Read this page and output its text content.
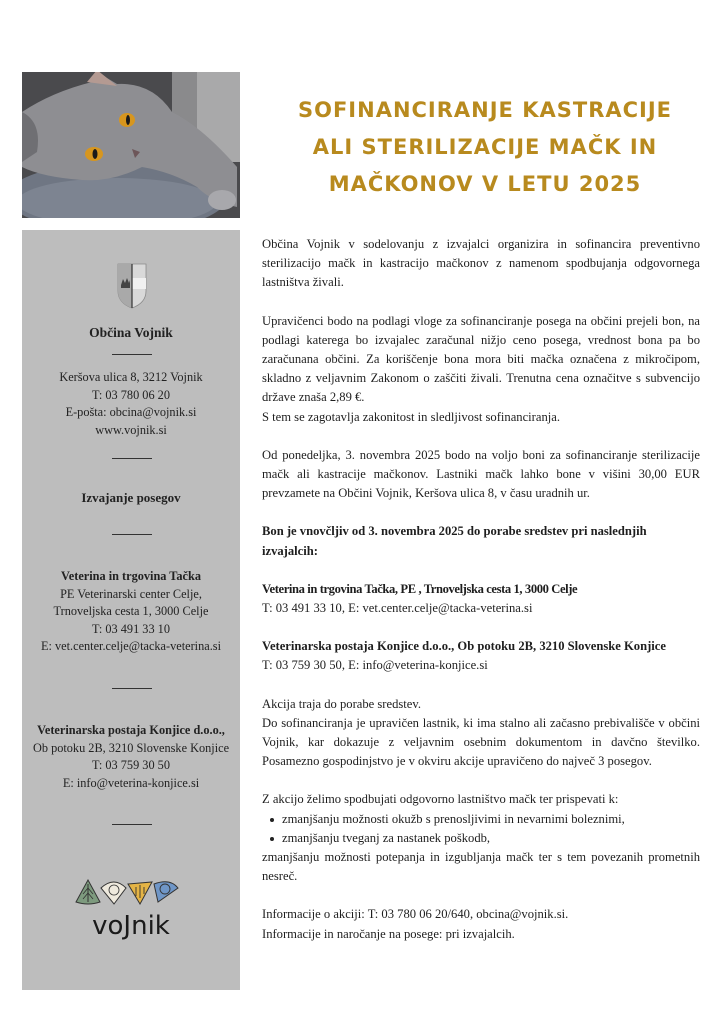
SOFINANCIRANJE KASTRACIJE
ALI STERILIZACIJE MAČK IN
MAČKONOV V LETU 2025
Občina Vojnik
Keršova ulica 8, 3212 Vojnik
T: 03 780 06 20
E-pošta: obcina@vojnik.si
www.vojnik.si
Izvajanje posegov
Veterina in trgovina Tačka
PE Veterinarski center Celje,
Trnoveljska cesta 1, 3000 Celje
T: 03 491 33 10
E: vet.center.celje@tacka-veterina.si
Veterinarska postaja Konjice d.o.o.,
Ob potoku 2B, 3210 Slovenske Konjice
T: 03 759 30 50
E: info@veterina-konjice.si
voJnik

Občina Vojnik v sodelovanju z izvajalci organizira in sofinancira preventivno sterilizacijo mačk in kastracijo mačkonov z namenom spodbujanja odgovornega lastništva živali.

Upravičenci bodo na podlagi vloge za sofinanciranje posega na občini prejeli bon, na podlagi katerega bo izvajalec zaračunal nižjo ceno posega, vrednost bona pa bo zaračunana občini. Za koriščenje bona mora biti mačka označena z mikročipom, skladno z veljavnim Zakonom o zaščiti živali. Trenutna cena označitve s subvencijo države znaša 2,89 €.

S tem se zagotavlja zakonitost in sledljivost sofinanciranja.

Od ponedeljka, 3. novembra 2025 bodo na voljo boni za sofinanciranje sterilizacije mačk ali kastracije mačkonov. Lastniki mačk lahko bone v višini 30,00 EUR prevzamete na Občini Vojnik, Keršova ulica 8, v času uradnih ur.

Bon je vnovčljiv od 3. novembra 2025 do porabe sredstev pri naslednjih izvajalcih:

Veterina in trgovina Tačka, PE , Trnoveljska cesta 1, 3000 Celje

T: 03 491 33 10, E: vet.center.celje@tacka-veterina.si

Veterinarska postaja Konjice d.o.o., Ob potoku 2B, 3210 Slovenske Konjice

T: 03 759 30 50, E: info@veterina-konjice.si

Akcija traja do porabe sredstev.

Do sofinanciranja je upravičen lastnik, ki ima stalno ali začasno prebivališče v občini Vojnik, kar dokazuje z veljavnim osebnim dokumentom in davčno številko. Posamezno gospodinjstvo je v okviru akcije upravičeno do največ 3 posegov.

Z akcijo želimo spodbujati odgovorno lastništvo mačk ter prispevati k:

zmanjšanju možnosti okužb s prenosljivimi in nevarnimi boleznimi,
zmanjšanju tveganj za nastanek poškodb,

zmanjšanju možnosti potepanja in izgubljanja mačk ter s tem povezanih prometnih nesreč.

Informacije o akciji: T: 03 780 06 20/640, obcina@vojnik.si.

Informacije in naročanje na posege: pri izvajalcih.
